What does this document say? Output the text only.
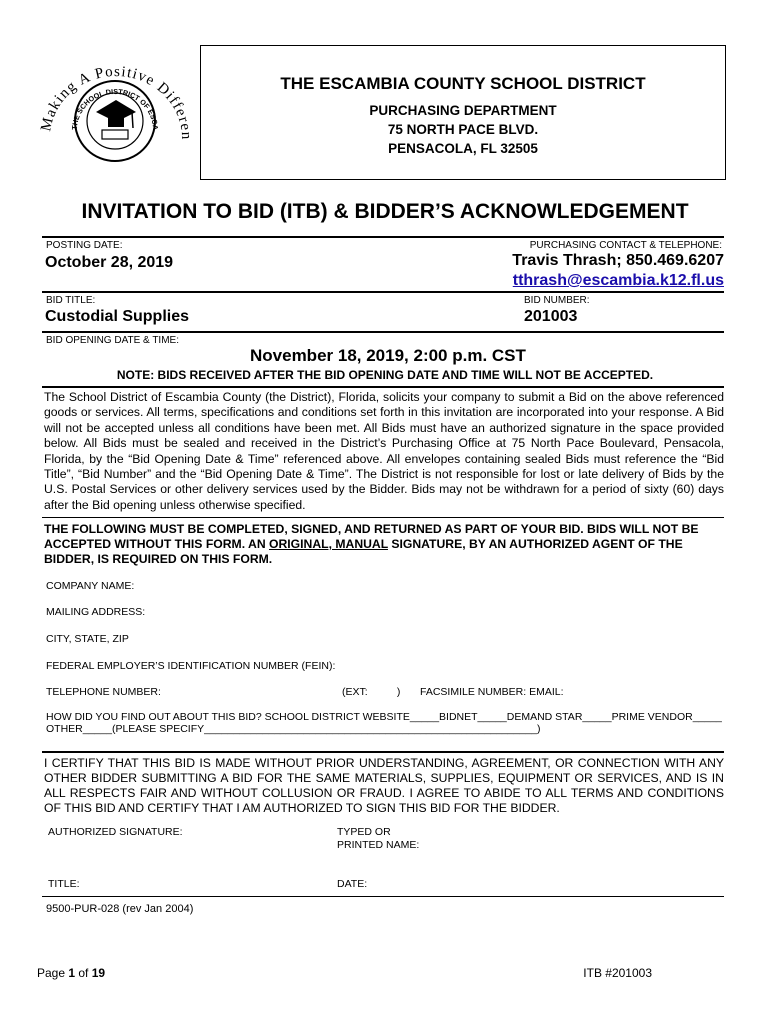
Making A Positive Differen
THE SCHOOL DISTRICT OF ESCA
THE ESCAMBIA COUNTY SCHOOL DISTRICT
PURCHASING DEPARTMENT
75 NORTH PACE BLVD.
PENSACOLA, FL 32505
INVITATION TO BID (ITB) & BIDDER’S ACKNOWLEDGEMENT
POSTING DATE:	PURCHASING CONTACT & TELEPHONE:
October 28, 2019	Travis Thrash; 850.469.6207
tthrash@escambia.k12.fl.us
BID TITLE:	BID NUMBER:
Custodial Supplies	201003
BID OPENING DATE & TIME:
November 18, 2019, 2:00 p.m. CST
NOTE: BIDS RECEIVED AFTER THE BID OPENING DATE AND TIME WILL NOT BE ACCEPTED.
The School District of Escambia County (the District), Florida, solicits your company to submit a Bid on the above referenced goods or services. All terms, specifications and conditions set forth in this invitation are incorporated into your response. A Bid will not be accepted unless all conditions have been met. All Bids must have an authorized signature in the space provided below. All Bids must be sealed and received in the District’s Purchasing Office at 75 North Pace Boulevard, Pensacola, Florida, by the “Bid Opening Date & Time” referenced above. All envelopes containing sealed Bids must reference the “Bid Title”, “Bid Number” and the “Bid Opening Date & Time”. The District is not responsible for lost or late delivery of Bids by the U.S. Postal Services or other delivery services used by the Bidder. Bids may not be withdrawn for a period of sixty (60) days after the Bid opening unless otherwise specified.
THE FOLLOWING MUST BE COMPLETED, SIGNED, AND RETURNED AS PART OF YOUR BID. BIDS WILL NOT BE ACCEPTED WITHOUT THIS FORM. AN ORIGINAL, MANUAL SIGNATURE, BY AN AUTHORIZED AGENT OF THE BIDDER, IS REQUIRED ON THIS FORM.
COMPANY NAME:
MAILING ADDRESS:
CITY, STATE, ZIP
FEDERAL EMPLOYER’S IDENTIFICATION NUMBER (FEIN):
TELEPHONE NUMBER:	(EXT:          ) FACSIMILE NUMBER: EMAIL:
HOW DID YOU FIND OUT ABOUT THIS BID? SCHOOL DISTRICT WEBSITE_____BIDNET_____DEMAND STAR_____PRIME VENDOR_____
OTHER_____(PLEASE SPECIFY_________________________________________________________)
I CERTIFY THAT THIS BID IS MADE WITHOUT PRIOR UNDERSTANDING, AGREEMENT, OR CONNECTION WITH ANY OTHER BIDDER SUBMITTING A BID FOR THE SAME MATERIALS, SUPPLIES, EQUIPMENT OR SERVICES, AND IS IN ALL RESPECTS FAIR AND WITHOUT COLLUSION OR FRAUD. I AGREE TO ABIDE TO ALL TERMS AND CONDITIONS OF THIS BID AND CERTIFY THAT I AM AUTHORIZED TO SIGN THIS BID FOR THE BIDDER.
AUTHORIZED SIGNATURE:	TYPED OR
PRINTED NAME:
TITLE:	DATE:
9500-PUR-028 (rev Jan 2004)
Page 1 of 19	ITB #201003
